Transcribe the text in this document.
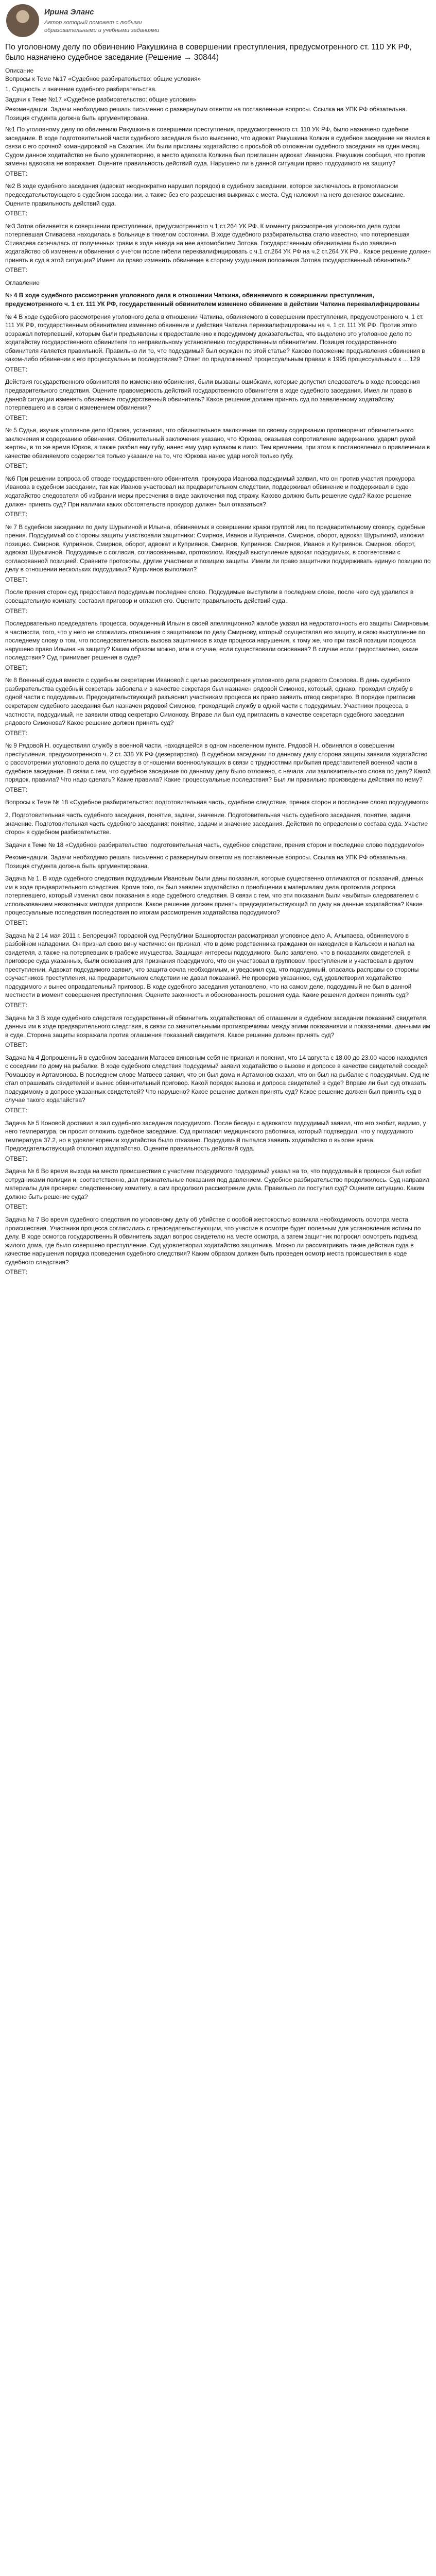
Ирина Эланс
Автор который поможет с любыми образовательными и учебными заданиями
По уголовному делу по обвинению Ракушкина в совершении преступления, предусмотренного ст. 110 УК РФ, было назначено судебное заседание (Решение → 30844)
Описание

Вопросы к Теме №17 «Судебное разбирательство: общие условия»

1. Сущность и значение судебного разбирательства.

Задачи к Теме №17 «Судебное разбирательство: общие условия»

Рекомендации. Задачи необходимо решать письменно с развернутым ответом на поставленные вопросы. Ссылка на УПК РФ обязательна. Позиция студента должна быть аргументирована.

№1 По уголовному делу по обвинению Ракушкина в совершении преступления, предусмотренного ст. 110 УК РФ, было назначено судебное заседание. В ходе подготовительной части судебного заседания было выяснено, что адвокат Ракушкина Колкин в судебное заседание не явился в связи с его срочной командировкой на Сахалин. Им были присланы ходатайство с просьбой об отложении судебного заседания на один месяц. Судом данное ходатайство не было удовлетворено, в место адвоката Колкина был приглашен адвокат Иванцова. Ракушкин сообщил, что против замены адвоката не возражает. Оцените правильность действий суда. Нарушено ли в данной ситуации право подсудимого на защиту?

ОТВЕТ:

№2 В ходе судебного заседания (адвокат неоднократно нарушил порядок) в судебном заседании, которое заключалось в громогласном председательствующего в судебном заседании, а также без его разрешения выкриках с места. Суд наложил на него денежное взыскание. Оцените правильность действий суда.

ОТВЕТ:

№3 Зотов обвиняется в совершении преступления, предусмотренного ч.1 ст.264 УК РФ. К моменту рассмотрения уголовного дела судом потерпевшая Стивасева находилась в больнице в тяжелом состоянии. В ходе судебного разбирательства стало известно, что потерпевшая Стивасева скончалась от полученных травм в ходе наезда на нее автомобилем Зотова. Государственным обвинителем было заявлено ходатайство об изменении обвинения с учетом после гибели переквалифицировать с ч.1 ст.264 УК РФ на ч.2 ст.264 УК РФ.. Какое решение должен принять в суд в этой ситуации? Имеет ли право изменить обвинение в сторону ухудшения положения Зотова государственный обвинитель?

ОТВЕТ:

Оглавление

№ 4 В ходе судебного рассмотрения уголовного дела в отношении Чаткина, обвиняемого в совершении преступления, предусмотренного ч. 1 ст. 111 УК РФ, государственный обвинителем изменено обвинение в действии Чаткина переквалифицированы

№ 4 В ходе судебного рассмотрения уголовного дела в отношении Чаткина, обвиняемого в совершении преступления, предусмотренного ч. 1 ст. 111 УК РФ, государственным обвинителем изменено обвинение и действия Чаткина переквалифицированы на ч. 1 ст. 111 УК РФ. Против этого возражал потерпевший, которым были предъявлены к предоставлению к подсудимому доказательства, что выделено это уголовное дело по ходатайству государственного обвинителя по неправильному установлению государственным обвинителем. Позиция государственного обвинителя является правильной. Правильно ли то, что подсудимый был осужден по этой статье? Каково положение предъявления обвинения в каком-либо обвинении к его процессуальным последствиям? Ответ по предложенной процессуальным правам в 1995 процессуальным к ... 129

ОТВЕТ:

Действия государственного обвинителя по изменению обвинения, были вызваны ошибками, которые допустил следователь в ходе проведения предварительного следствия. Оцените правомерность действий государственного обвинителя в ходе судебного заседания. Имел ли право в данной ситуации изменять обвинение государственный обвинитель? Какое решение должен принять суд по заявленному ходатайству потерпевшего и в связи с изменением обвинения?

ОТВЕТ:

№ 5 Судья, изучив уголовное дело Юрковa, установил, что обвинительное заключение по своему содержанию противоречит обвинительного заключения и содержанию обвинения. Обвинительный заключения указано, что Юрковa, оказывая сопротивление задержанию, ударил рукой жертвы, в то же время Юрков, а также разбил ему губу, нанес ему удар кулаком в лицо. Тем временем, при этом в постановлении о привлечении в качестве обвиняемого содержится только указание на то, что Юрковa нанес удар ногой только губу.

ОТВЕТ:

№6 При решении вопроса об отводе государственного обвинителя, прокурора Иванова подсудимый заявил, что он против участия прокурора Иванова в судебном заседании, так как Иванов участвовал на предварительном следствии, поддерживал обвинение и поддерживал в суде ходатайство следователя об избрании меры пресечения в виде заключения под стражу. Каково должно быть решение суда? Какое решение должен принять суд? При наличии каких обстоятельств прокурор должен был отказаться?

ОТВЕТ:

№ 7 В судебном заседании по делу Шурыгиной и Ильина, обвиняемых в совершении кражи группой лиц по предварительному сговору, судебные прения. Подсудимый со стороны защиты участвовали защитники: Смирнов, Иванов и Куприянов. Смирнов, оборот, адвокат Шурыгиной, изложил позицию. Смирнов, Куприянов. Смирнов, оборот, адвокат и Куприянов. Смирнов, Куприянов. Смирнов, Иванов и Куприянов. Смирнов, оборот, адвокат Шурыгиной. Подсудимые с согласия, согласованными, протоколом. Каждый выступление адвокат подсудимых, в соответствии с согласованной позицией. Сравните протоколы, другие участники и позицию защиты. Имели ли право защитники поддерживать единую позицию по делу в отношении нескольких подсудимых? Куприянов выполнил?

ОТВЕТ:

После прения сторон суд предоставил подсудимым последнее слово. Подсудимые выступили в последнем слове, после чего суд удалился в совещательную комнату, составил приговор и огласил его. Оцените правильность действий суда.

ОТВЕТ:

Последовательно председатель процесса, осужденный Ильин в своей апелляционной жалобе указал на недостаточность его защиты Смирновым, в частности, того, что у него не сложились отношения с защитником по делу Смирнову, который осуществлял его защиту, и свою выступление по последнему слову о том, что последовательность вызова защитников в ходе процесса нарушения, к тому же, что при такой позиции процесса нарушено право Ильина на защиту? Каким образом можно, или в случае, если существовали основания? В случае если предоставлено, какие последствия? Суд принимает решения в суде?

ОТВЕТ:

№ 8 Военный судья вместе с судебным секретарем Ивановой с целью рассмотрения уголовного дела рядового Соколова. В день судебного разбирательства судебный секретарь заболела и в качестве секретаря был назначен рядовой Симонов, который, однако, проходил службу в одной части с подсудимым. Председательствующий разъяснил участникам процесса их право заявить отвод секретарю. В порядке пригласив секретарем судебного заседания был назначен рядовой Симонов, проходящий службу в одной части с подсудимым. Участники процесса, в частности, подсудимый, не заявили отвод секретарю Симонову. Вправе ли был суд пригласить в качестве секретаря судебного заседания рядового Симонова? Какое решение должен принять суд?

ОТВЕТ:

№ 9 Рядовой Н. осуществлял службу в военной части, находящейся в одном населенном пункте. Рядовой Н. обвинялся в совершении преступления, предусмотренного ч. 2 ст. 338 УК РФ (дезертирство). В судебном заседании по данному делу сторона защиты заявила ходатайство о рассмотрении уголовного дела по существу в отношении военнослужащих в связи с трудностями прибытия представителей военной части в судебное заседание. В связи с тем, что судебное заседание по данному делу было отложено, с начала или заключительного слова по делу? Какой порядок, правила? Что надо сделать? Какие правила? Какие процессуальные последствия? Был ли правильно произведены действия по нему?

ОТВЕТ:

Вопросы к Теме № 18 «Судебное разбирательство: подготовительная часть, судебное следствие, прения сторон и последнее слово подсудимого»

2. Подготовительная часть судебного заседания, понятие, задачи, значение. Подготовительная часть судебного заседания, понятие, задачи, значение. Подготовительная часть судебного заседания: понятие, задачи и значение заседания. Действия по определению состава суда. Участие сторон в судебном разбирательстве.

Задачи к Теме № 18 «Судебное разбирательство: подготовительная часть, судебное следствие, прения сторон и последнее слово подсудимого»

Рекомендации. Задачи необходимо решать письменно с развернутым ответом на поставленные вопросы. Ссылка на УПК РФ обязательна. Позиция студента должна быть аргументирована.

Задача № 1. В ходе судебного следствия подсудимым Ивановым были даны показания, которые существенно отличаются от показаний, данных им в ходе предварительного следствия. Кроме того, он был заявлен ходатайство о приобщении к материалам дела протокола допроса потерпевшего, который изменил свои показания в ходе судебного следствия. В связи с тем, что эти показания были «выбиты» следователем с использованием незаконных методов допросов. Какое решение должен принять председательствующий по делу на данные ходатайства? Какие процессуальные последствия последствия по итогам рассмотрения ходатайства подсудимого?

ОТВЕТ:

Задача № 2 14 мая 2011 г. Белорецкий городской суд Республики Башкортостан рассматривал уголовное дело А. Алыпаева, обвиняемого в разбойном нападении. Он признал свою вину частично: он признал, что в доме родственника гражданки он находился в Кальском и напал на свидетеля, а также на потерпевших в грабеже имущества. Защищая интересы подсудимого, было заявлено, что в показаниях свидетелей, в приговоре суда указанных, были основания для признания подсудимого, что он участвовал в групповом преступлении и участвовал в другом преступлении. Адвокат подсудимого заявил, что защита сочла необходимым, и уведомил суд, что подсудимый, опасаясь расправы со стороны соучастников преступления, на предварительном следствии не давал показаний. Не проверив указанное, суд удовлетворил ходатайство подсудимого и вынес оправдательный приговор. В ходе судебного заседания установлено, что на самом деле, подсудимый не был в данной местности в момент совершения преступления. Оцените законность и обоснованность решения суда. Какие решения должен принять суд?

ОТВЕТ:

Задача № 3 В ходе судебного следствия государственный обвинитель ходатайствовал об оглашении в судебном заседании показаний свидетеля, данных им в ходе предварительного следствия, в связи со значительными противоречиями между этими показаниями и показаниями, данными им в суде. Сторона защиты возражала против оглашения показаний свидетеля. Какое решение должен принять суд?

ОТВЕТ:

Задача № 4 Допрошенный в судебном заседании Матвеев виновным себя не признал и пояснил, что 14 августа с 18.00 до 23.00 часов находился с соседями по дому на рыбалке. В ходе судебного следствия подсудимый заявил ходатайство о вызове и допросе в качестве свидетелей соседей Ромашову и Артамонова. В последнем слове Матвеев заявил, что он был дома и Артамонов сказал, что он был на рыбалке с подсудимым. Суд не стал опрашивать свидетелей и вынес обвинительный приговор. Какой порядок вызова и допроса свидетелей в суде? Вправе ли был суд отказать подсудимому в допросе указанных свидетелей? Что нарушено? Какое решение должен принять суд? Какое решение должен был принять суд в случае такого ходатайства?

ОТВЕТ:

Задача № 5 Коновой доставил в зал судебного заседания подсудимого. После беседы с адвокатом подсудимый заявил, что его знобит, видимо, у него температура, он просит отложить судебное заседание. Суд пригласил медицинского работника, который подтвердил, что у подсудимого температура 37.2, но в удовлетворении ходатайства было отказано. Подсудимый пытался заявить ходатайство о вызове врача. Председательствующий отклонил ходатайство. Оцените правильность действий суда.

ОТВЕТ:

Задача № 6 Во время выхода на место происшествия с участием подсудимого подсудимый указал на то, что подсудимый в процессе был избит сотрудниками полиции и, соответственно, дал признательные показания под давлением. Судебное разбирательство продолжилось. Суд направил материалы для проверки следственному комитету, а сам продолжил рассмотрение дела. Правильно ли поступил суд? Оцените ситуацию. Каким должно быть решение суда?

ОТВЕТ:

Задача № 7 Во время судебного следствия по уголовному делу об убийстве с особой жестокостью возникла необходимость осмотра места происшествия. Участники процесса согласились с председательствующим, что участие в осмотре будет полезным для установления истины по делу. В ходе осмотра государственный обвинитель задал вопрос свидетелю на месте осмотра, а затем защитник попросил осмотреть подъезд жилого дома, где было совершено преступление. Суд удовлетворил ходатайство защитника. Можно ли рассматривать такие действия суда в качестве нарушения порядка проведения судебного следствия? Каким образом должен быть проведен осмотр места происшествия в ходе судебного следствия?

ОТВЕТ:
